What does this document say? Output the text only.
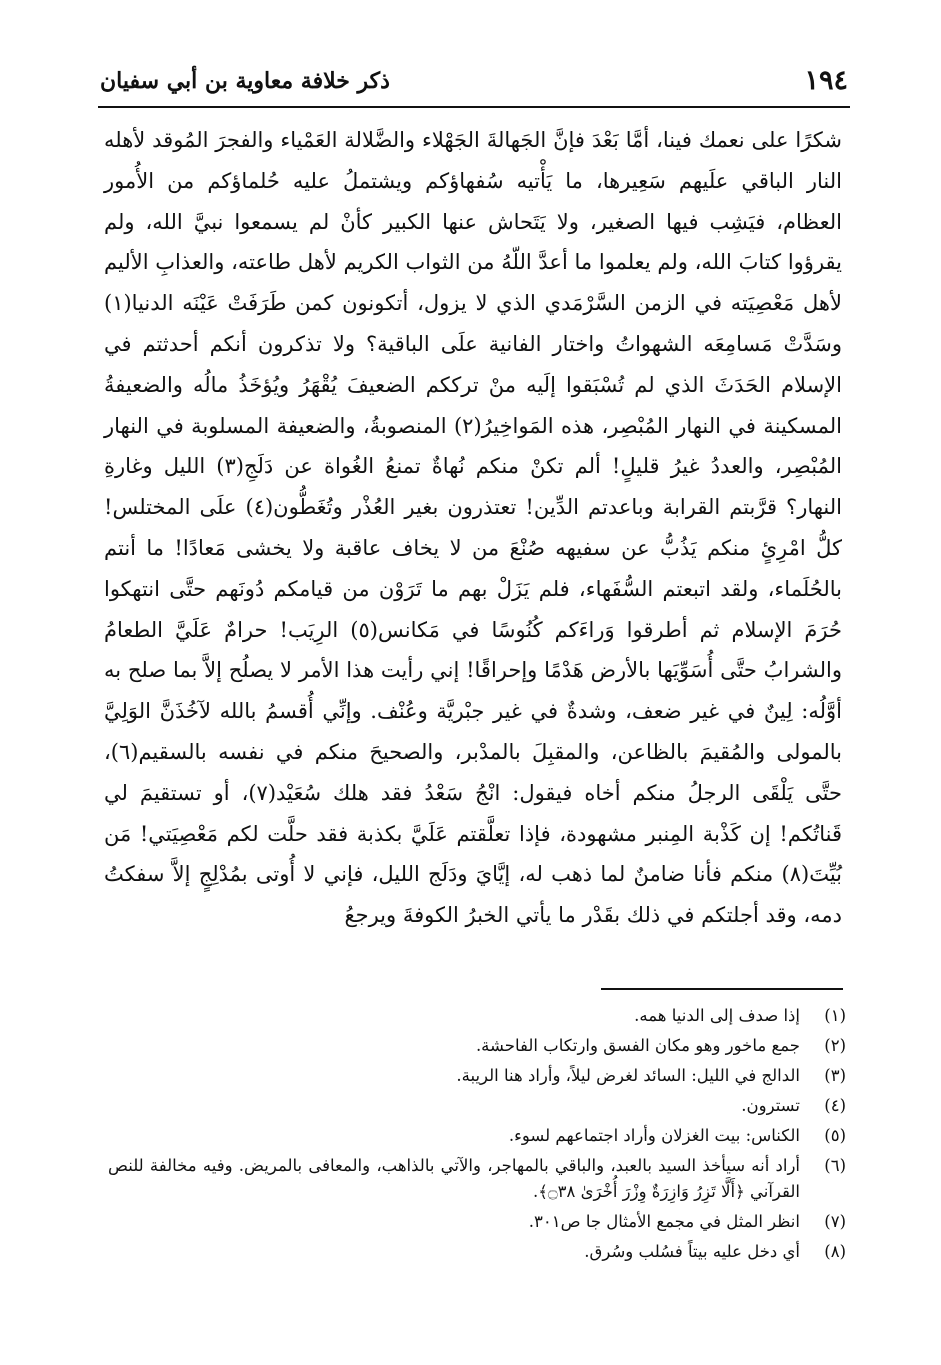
١٩٤
ذكر خلافة معاوية بن أبي سفيان

شكرًا على نعمك فينا، أمَّا بَعْدَ فإنَّ الجَهالةَ الجَهْلاء والضَّلالة العَمْياء والفجرَ المُوقد لأهله النار الباقي علَيهم سَعِيرها، ما يَأْتيه سُفهاؤكم ويشتملُ عليه حُلماؤكم من الأُمور العظام، فيَشِب فيها الصغير، ولا يَتَحاش عنها الكبير كأنْ لم يسمعوا نبيَّ الله، ولم يقرؤوا كتابَ الله، ولم يعلموا ما أعدَّ اللّهُ من الثواب الكريم لأهل طاعته، والعذابِ الأليم لأهل مَعْصِيَته في الزمن السَّرْمَدي الذي لا يزول، أتكونون كمن طَرَفَتْ عَيْنَه الدنيا(١) وسَدَّتْ مَسامِعَه الشهواتُ واختار الفانية علَى الباقية؟ ولا تذكرون أنكم أحدثتم في الإسلام الحَدَثَ الذي لم تُسْبَقوا إلَيه منْ ترككم الضعيفَ يُقْهَرُ ويُؤخَذُ مالُه والضعيفةُ المسكينة في النهار المُبْصِر، هذه المَواخِيرُ(٢) المنصوبةُ، والضعيفة المسلوبة في النهار المُبْصِر، والعددُ غيرُ قليلٍ! ألم تكنْ منكم نُهاةٌ تمنعُ الغُواة عن دَلَجِ(٣) الليل وغارةِ النهار؟ قرَّبتم القرابة وباعدتم الدِّين! تعتذرون بغير العُذْر وتُغَطُّون(٤) علَى المختلس! كلُّ امْرِئٍ منكم يَذُبُّ عن سفيهه صُنْعَ من لا يخاف عاقبة ولا يخشى مَعادًا! ما أنتم بالحُلَماء، ولقد اتبعتم السُّفَهاء، فلم يَزَلْ بهم ما تَرَوْن من قيامكم دُونَهم حتَّى انتهكوا حُرَمَ الإسلام ثم أطرقوا وَراءَكم كُنُوسًا في مَكانس(٥) الرِيَب! حرامٌ عَلَيَّ الطعامُ والشرابُ حتَّى أُسَوِّيَها بالأرض هَدْمًا وإحراقًا! إني رأيت هذا الأمر لا يصلُح إلاَّ بما صلح به أوَّلُه: لِينٌ في غير ضعف، وشدةٌ في غير جبْريَّة وعُنْف. وإنِّي أُقسمُ بالله لآخُذَنَّ الوَلِيَّ بالمولى والمُقيمَ بالظاعن، والمقبِلَ بالمدْبر، والصحيحَ منكم في نفسه بالسقيم(٦)، حتَّى يَلْقَى الرجلُ منكم أخاه فيقول: انْجُ سَعْدُ فقد هلك سُعَيْد(٧)، أو تستقيمَ لي قَناتُكم! إن كَذْبة المِنبر مشهودة، فإذا تعلَّقتم عَلَيَّ بكذبة فقد حلَّت لكم مَعْصِيَتي! مَن بُيِّتَ(٨) منكم فأنا ضامنٌ لما ذهب له، إيَّايَ ودَلَج الليل، فإني لا أُوتى بمُدْلِجٍ إلاَّ سفكتُ دمه، وقد أجلتكم في ذلك بقَدْر ما يأتي الخبرُ الكوفةَ ويرجعُ

(١)
إذا صدف إلى الدنيا همه.
(٢)
جمع ماخور وهو مكان الفسق وارتكاب الفاحشة.
(٣)
الدالج في الليل: السائد لغرض ليلاً، وأراد هنا الريبة.
(٤)
تسترون.
(٥)
الكناس: بيت الغزلان وأراد اجتماعهم لسوء.
(٦)
أراد أنه سيأخذ السيد بالعبد، والباقي بالمهاجر، والآتي بالذاهب، والمعافى بالمريض. وفيه مخالفة للنص القرآني ﴿أَلَّا تَزِرُ وَازِرَةٌ وِزْرَ أُخْرَىٰ ۝٣٨﴾.
(٧)
انظر المثل في مجمع الأمثال جا ص٣٠١.
(٨)
أي دخل عليه بيتاً فسُلب وسُرق.
